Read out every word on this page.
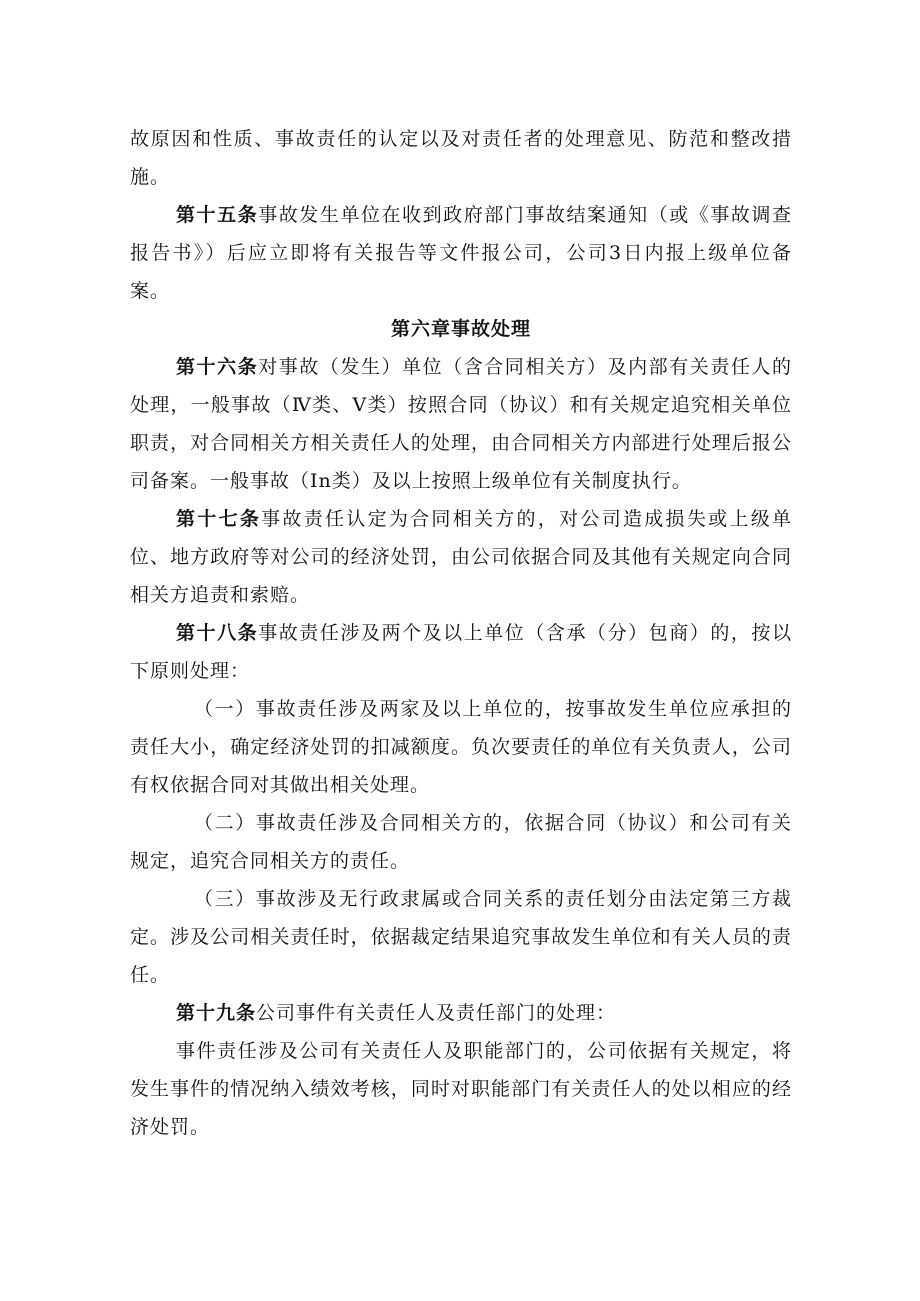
故原因和性质、事故责任的认定以及对责任者的处理意见、防范和整改措施。

第十五条事故发生单位在收到政府部门事故结案通知（或《事故调查报告书》）后应立即将有关报告等文件报公司，公司3日内报上级单位备案。

第六章事故处理

第十六条对事故（发生）单位（含合同相关方）及内部有关责任人的处理，一般事故（Ⅳ类、Ⅴ类）按照合同（协议）和有关规定追究相关单位职责，对合同相关方相关责任人的处理，由合同相关方内部进行处理后报公司备案。一般事故（In类）及以上按照上级单位有关制度执行。

第十七条事故责任认定为合同相关方的，对公司造成损失或上级单位、地方政府等对公司的经济处罚，由公司依据合同及其他有关规定向合同相关方追责和索赔。

第十八条事故责任涉及两个及以上单位（含承（分）包商）的，按以下原则处理：

（一）事故责任涉及两家及以上单位的，按事故发生单位应承担的责任大小，确定经济处罚的扣减额度。负次要责任的单位有关负责人，公司有权依据合同对其做出相关处理。

（二）事故责任涉及合同相关方的，依据合同（协议）和公司有关规定，追究合同相关方的责任。

（三）事故涉及无行政隶属或合同关系的责任划分由法定第三方裁定。涉及公司相关责任时，依据裁定结果追究事故发生单位和有关人员的责任。

第十九条公司事件有关责任人及责任部门的处理：

事件责任涉及公司有关责任人及职能部门的，公司依据有关规定，将发生事件的情况纳入绩效考核，同时对职能部门有关责任人的处以相应的经济处罚。
